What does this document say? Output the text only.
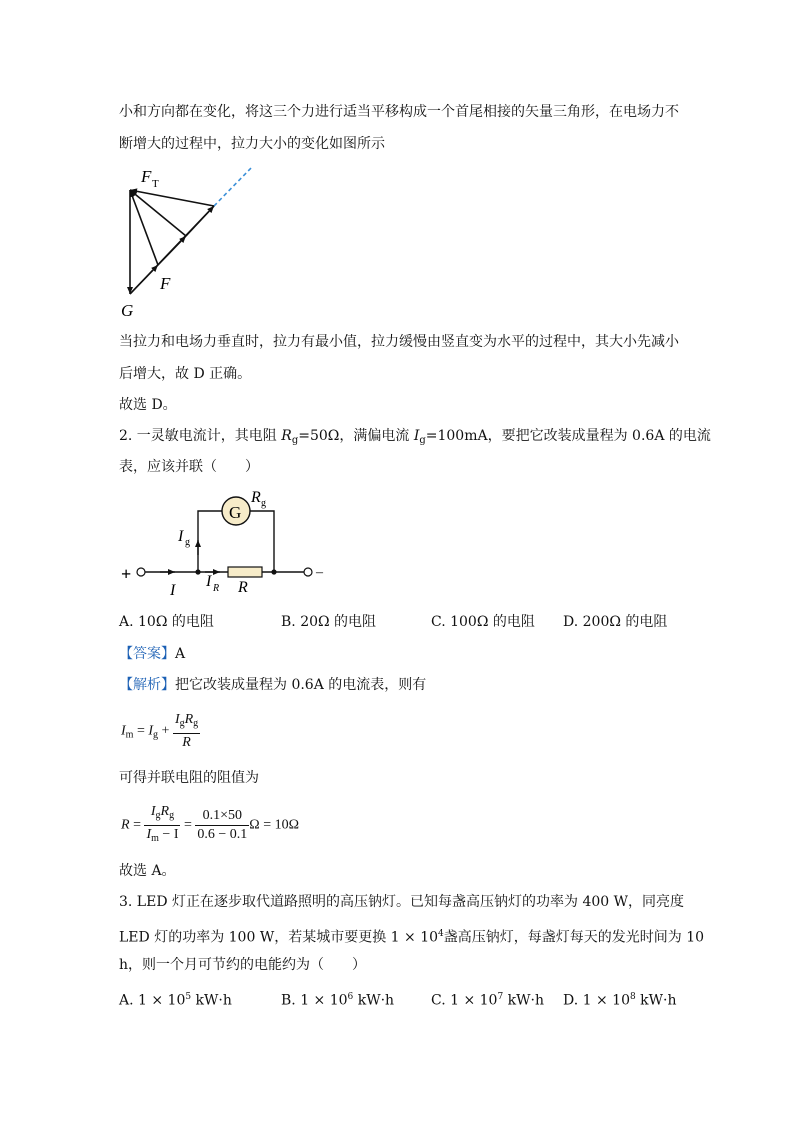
小和方向都在变化，将这三个力进行适当平移构成一个首尾相接的矢量三角形，在电场力不
断增大的过程中，拉力大小的变化如图所示
F T
F
G
当拉力和电场力垂直时，拉力有最小值，拉力缓慢由竖直变为水平的过程中，其大小先减小
后增大，故 D 正确。
故选 D。
2. 一灵敏电流计，其电阻 $R_g=50\Omega$，满偏电流 $I_g=100mA$，要把它改装成量程为 0.6A 的电流
表，应该并联（　　）
+	–
G
R g
I g
I
I R R
A. 10Ω 的电阻	B. 20Ω 的电阻	C. 100Ω 的电阻 D. 200Ω 的电阻
【答案】A
【解析】把它改装成量程为 0.6A 的电流表，则有
$I_m = I_g + \frac{I_gR_g}{R}$
可得并联电阻的阻值为
$R = \frac{I_gR_g}{I_m - I} = \frac{0.1\times 50}{0.6 - 0.1}$ Ω = 10Ω
故选 A。
3. LED 灯正在逐步取代道路照明的高压钠灯。已知每盏高压钠灯的功率为 400 W，同亮度
LED 灯的功率为 100 W，若某城市要更换 $1 \times 10^4$盏高压钠灯，每盏灯每天的发光时间为 10
h，则一个月可节约的电能约为（　　）
A. $1 \times 10^5$ kW·h	B. $1 \times 10^6$ kW·h	C. $1 \times 10^7$ kW·h D. $1 \times 10^8$ kW·h
